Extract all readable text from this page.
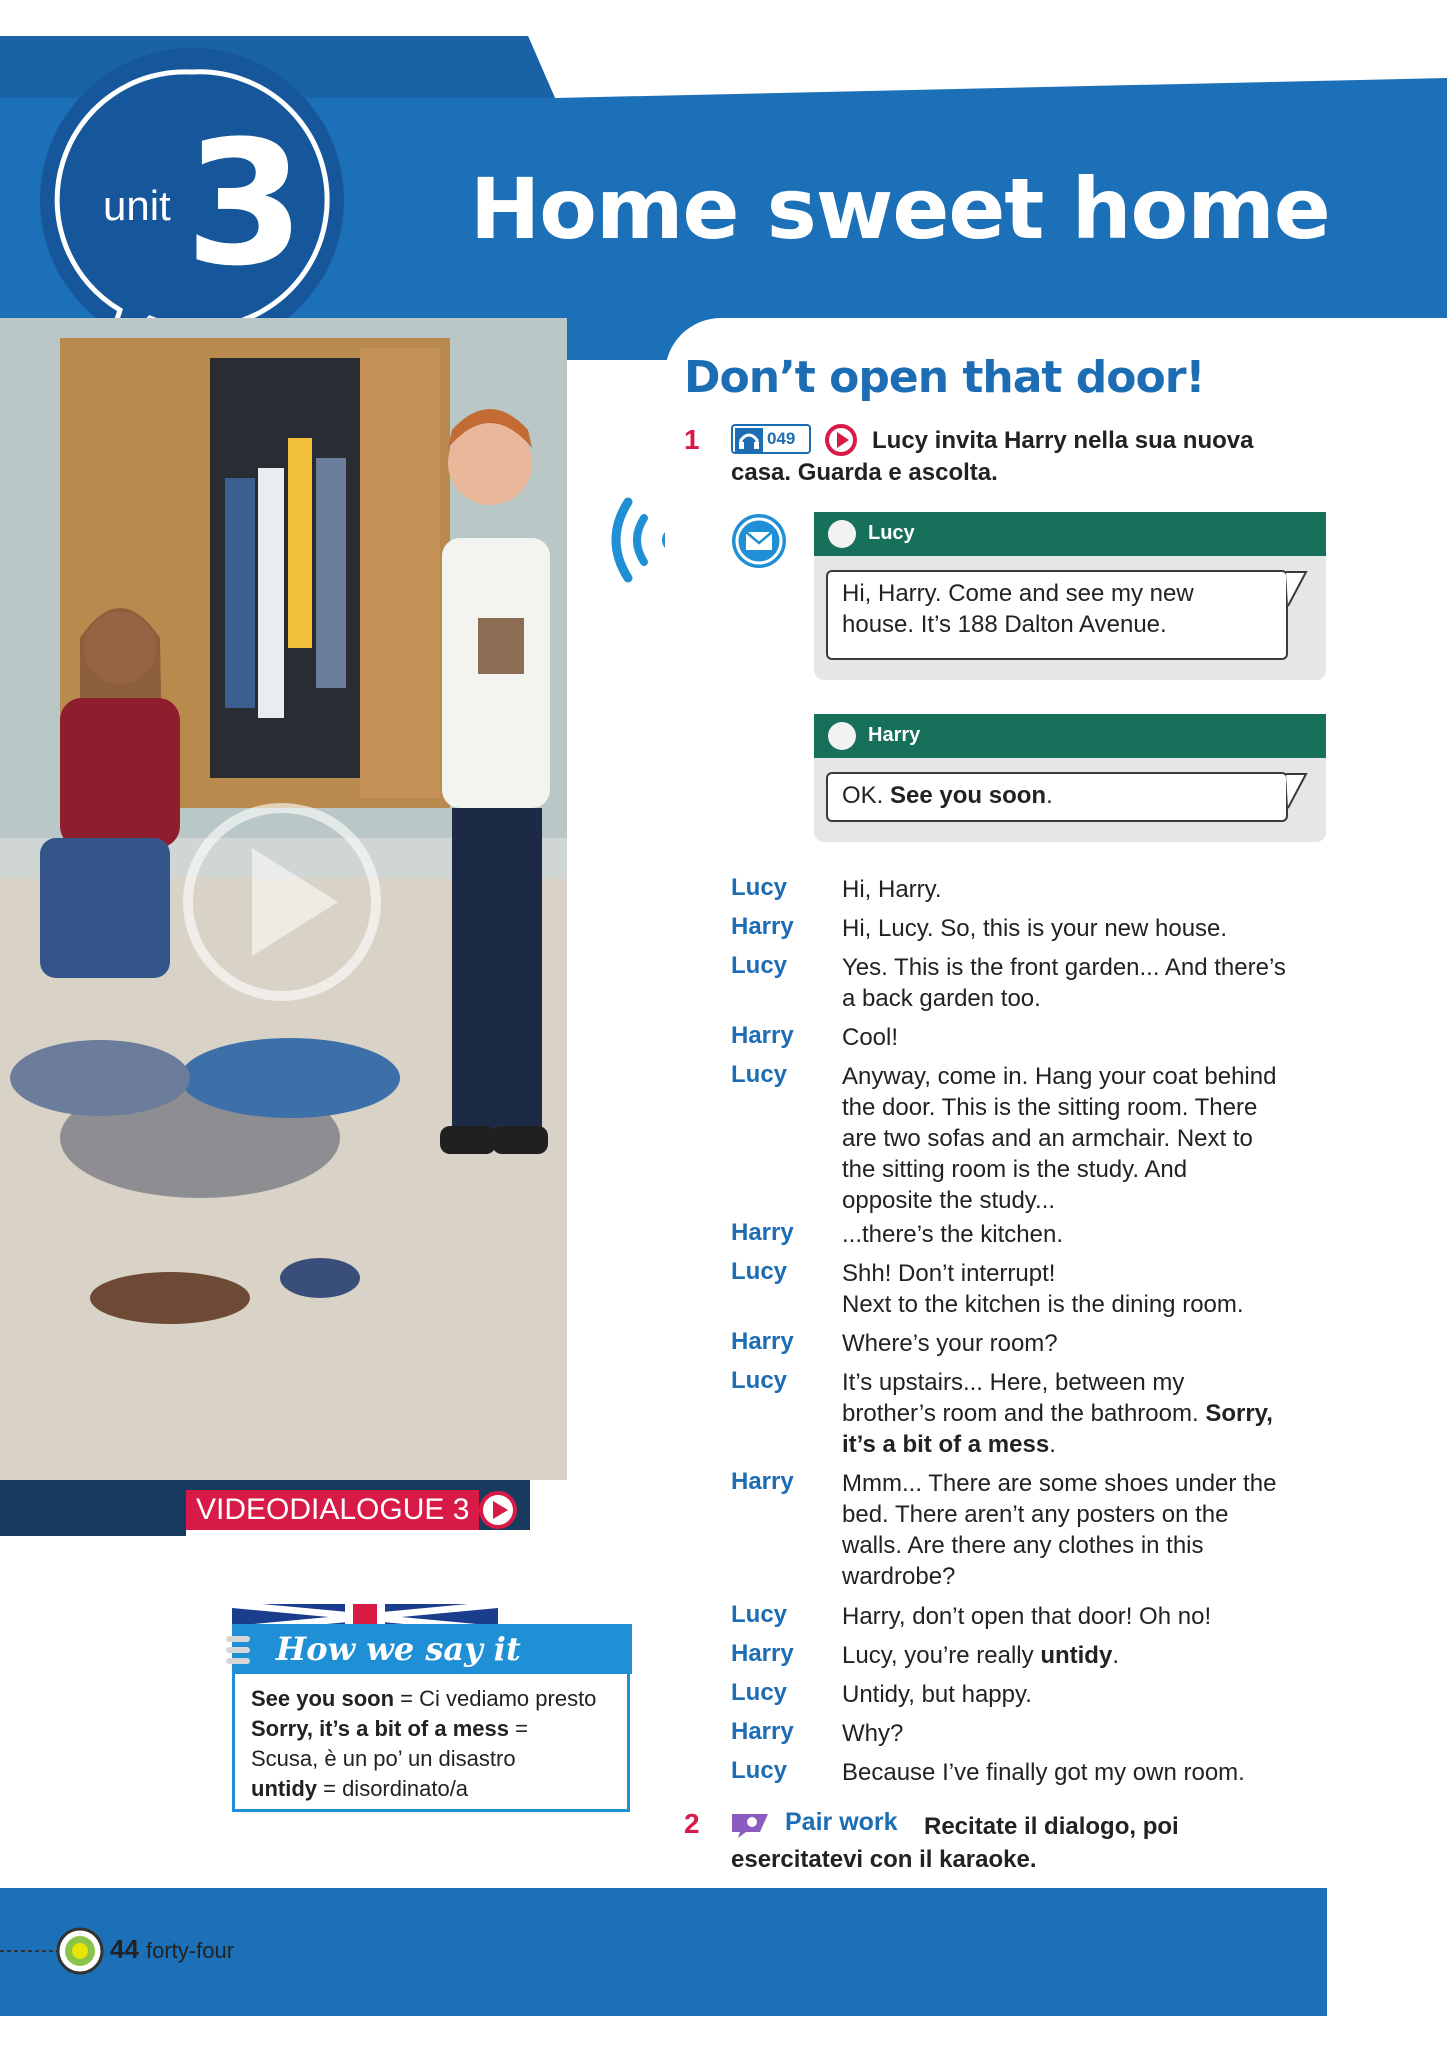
unit 3 Home sweet home
VIDEODIALOGUE 3
Don’t open that door!
1	049	Lucy invita Harry nella sua nuova
casa. Guarda e ascolta.
Lucy
Hi, Harry. Come and see my new
house. It’s 188 Dalton Avenue.
Harry
OK. See you soon.
Lucy Hi, Harry.
Harry Hi, Lucy. So, this is your new house.
Lucy Yes. This is the front garden... And there’s
a back garden too.
Harry Cool!
Lucy Anyway, come in. Hang your coat behind
the door. This is the sitting room. There
are two sofas and an armchair. Next to
the sitting room is the study. And
opposite the study...
Harry ...there’s the kitchen.
Lucy Shh! Don’t interrupt!
Next to the kitchen is the dining room.
Harry Where’s your room?
Lucy It’s upstairs... Here, between my
brother’s room and the bathroom. Sorry,
it’s a bit of a mess.
Harry Mmm... There are some shoes under the
bed. There aren’t any posters on the
walls. Are there any clothes in this
wardrobe?
Lucy Harry, don’t open that door! Oh no!
Harry Lucy, you’re really untidy.
Lucy Untidy, but happy.
Harry Why?
Lucy Because I’ve finally got my own room.
2	Pair work Recitate il dialogo, poi
esercitatevi con il karaoke.
How we say it
See you soon = Ci vediamo presto
Sorry, it’s a bit of a mess =
Scusa, è un po’ un disastro
untidy = disordinato/a
44 forty-four
